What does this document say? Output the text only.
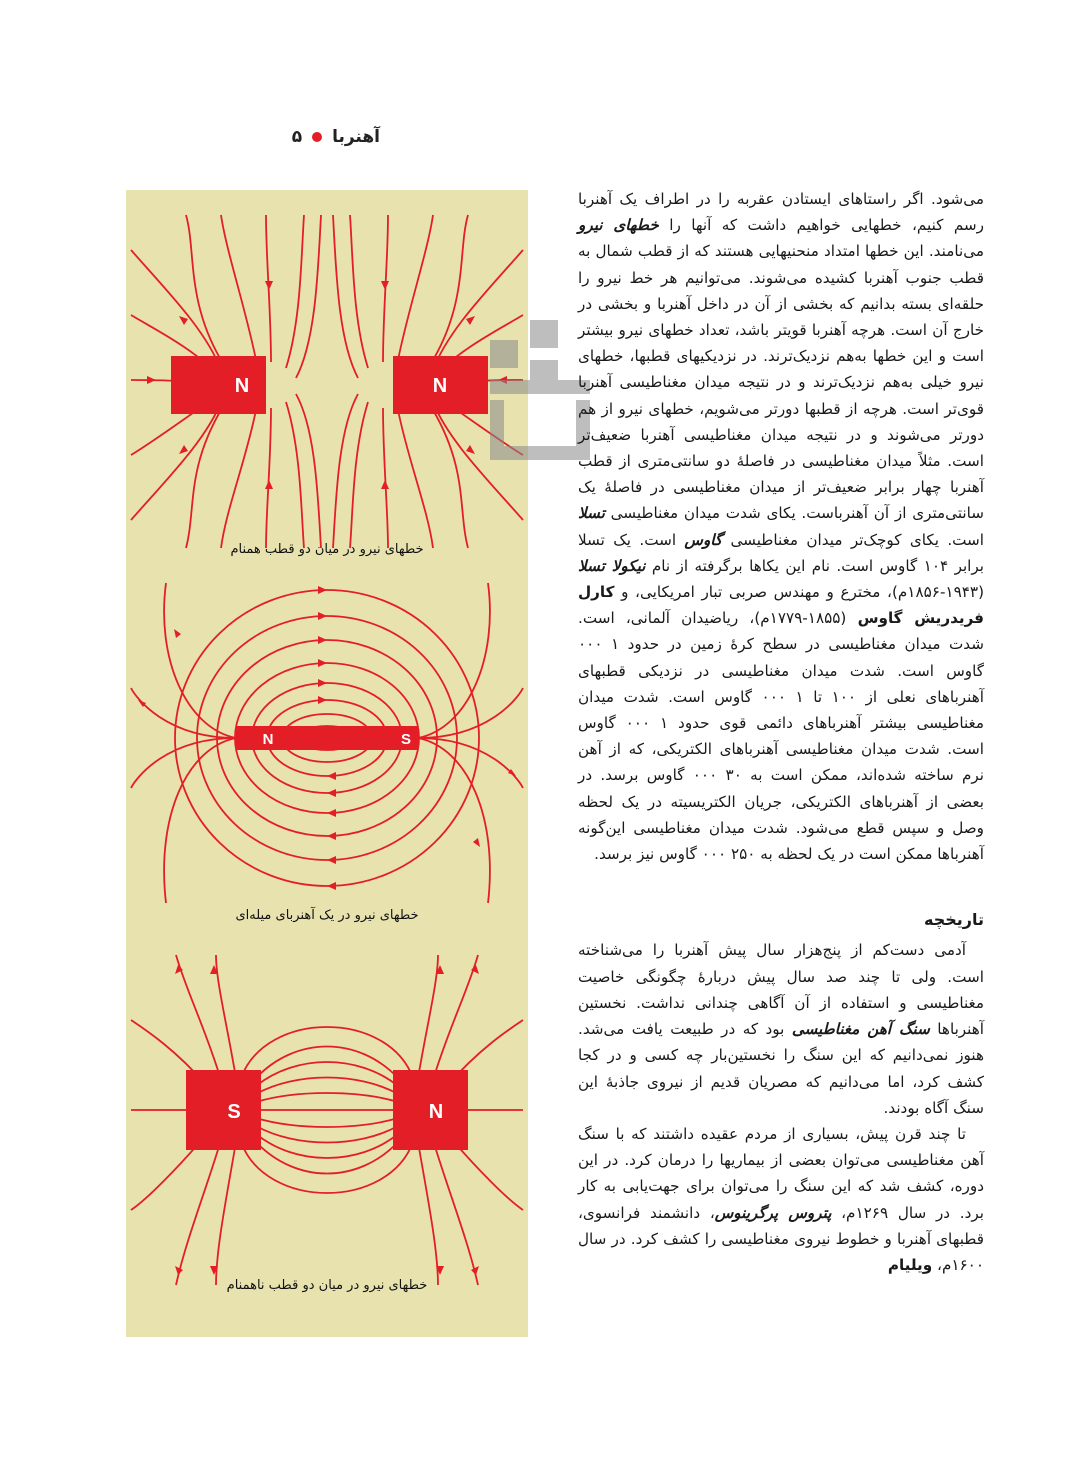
آهنربا
۵
N	N
خطهای نیرو در میان دو قطب همنام
N	S
خطهای نیرو در یک آهنربای میله‌ای
S	N
خطهای نیرو در میان دو قطب ناهمنام

می‌شود. اگر راستاهای ایستادن عقربه را در اطراف یک آهنربا رسم کنیم، خطهایی خواهیم داشت که آنها را خطهای نیرو می‌نامند. این خطها امتداد منحنیهایی هستند که از قطب شمال به قطب جنوب آهنربا کشیده می‌شوند. می‌توانیم هر خط نیرو را حلقه‌ای بسته بدانیم که بخشی از آن در داخل آهنربا و بخشی در خارج آن است. هرچه آهنربا قویتر باشد، تعداد خطهای نیرو بیشتر است و این خطها به‌هم نزدیک‌ترند. در نزدیکیهای قطبها، خطهای نیرو خیلی به‌هم نزدیک‌ترند و در نتیجه میدان مغناطیسی آهنربا قوی‌تر است. هرچه از قطبها دورتر می‌شویم، خطهای نیرو از هم دورتر می‌شوند و در نتیجه میدان مغناطیسی آهنربا ضعیف‌تر است. مثلاً میدان مغناطیسی در فاصلهٔ دو سانتی‌متری از قطب آهنربا چهار برابر ضعیف‌تر از میدان مغناطیسی در فاصلهٔ یک سانتی‌متری از آن آهنرباست. یکای شدت میدان مغناطیسی تسلا است. یکای کوچک‌تر میدان مغناطیسی گاوس است. یک تسلا برابر ۱۰۴ گاوس است. نام این یکاها برگرفته از نام نیکولا تسلا (۱۹۴۳-۱۸۵۶م)، مخترع و مهندس صربی تبار امریکایی، و کارل فریدریش گاوس (۱۸۵۵-۱۷۷۹م)، ریاضیدان آلمانی، است. شدت میدان مغناطیسی در سطح کرهٔ زمین در حدود ۱ ۰۰۰ گاوس است. شدت میدان مغناطیسی در نزدیکی قطبهای آهنرباهای نعلی از ۱۰۰ تا ۱ ۰۰۰ گاوس است. شدت میدان مغناطیسی بیشتر آهنرباهای دائمی قوی حدود ۱ ۰۰۰ گاوس است. شدت میدان مغناطیسی آهنرباهای الکتریکی، که از آهن نرم ساخته شده‌اند، ممکن است به ۳۰ ۰۰۰ گاوس برسد. در بعضی از آهنرباهای الکتریکی، جریان الکتریسیته در یک لحظه وصل و سپس قطع می‌شود. شدت میدان مغناطیسی این‌گونه آهنرباها ممکن است در یک لحظه به ۲۵۰ ۰۰۰ گاوس نیز برسد.

تاریخچه

آدمی دست‌کم از پنج‌هزار سال پیش آهنربا را می‌شناخته است. ولی تا چند صد سال پیش دربارهٔ چگونگی خاصیت مغناطیسی و استفاده از آن آگاهی چندانی نداشت. نخستین آهنرباها سنگ آهن مغناطیسی بود که در طبیعت یافت می‌شد. هنوز نمی‌دانیم که این سنگ را نخستین‌بار چه کسی و در کجا کشف کرد، اما می‌دانیم که مصریان قدیم از نیروی جاذبهٔ این سنگ آگاه بودند.

تا چند قرن پیش، بسیاری از مردم عقیده داشتند که با سنگ آهن مغناطیسی می‌توان بعضی از بیماریها را درمان کرد. در این دوره، کشف شد که این سنگ را می‌توان برای جهت‌یابی به کار برد. در سال ۱۲۶۹م، پتروس پرگرینوس، دانشمند فرانسوی، قطبهای آهنربا و خطوط نیروی مغناطیسی را کشف کرد. در سال ۱۶۰۰م، ویلیام
